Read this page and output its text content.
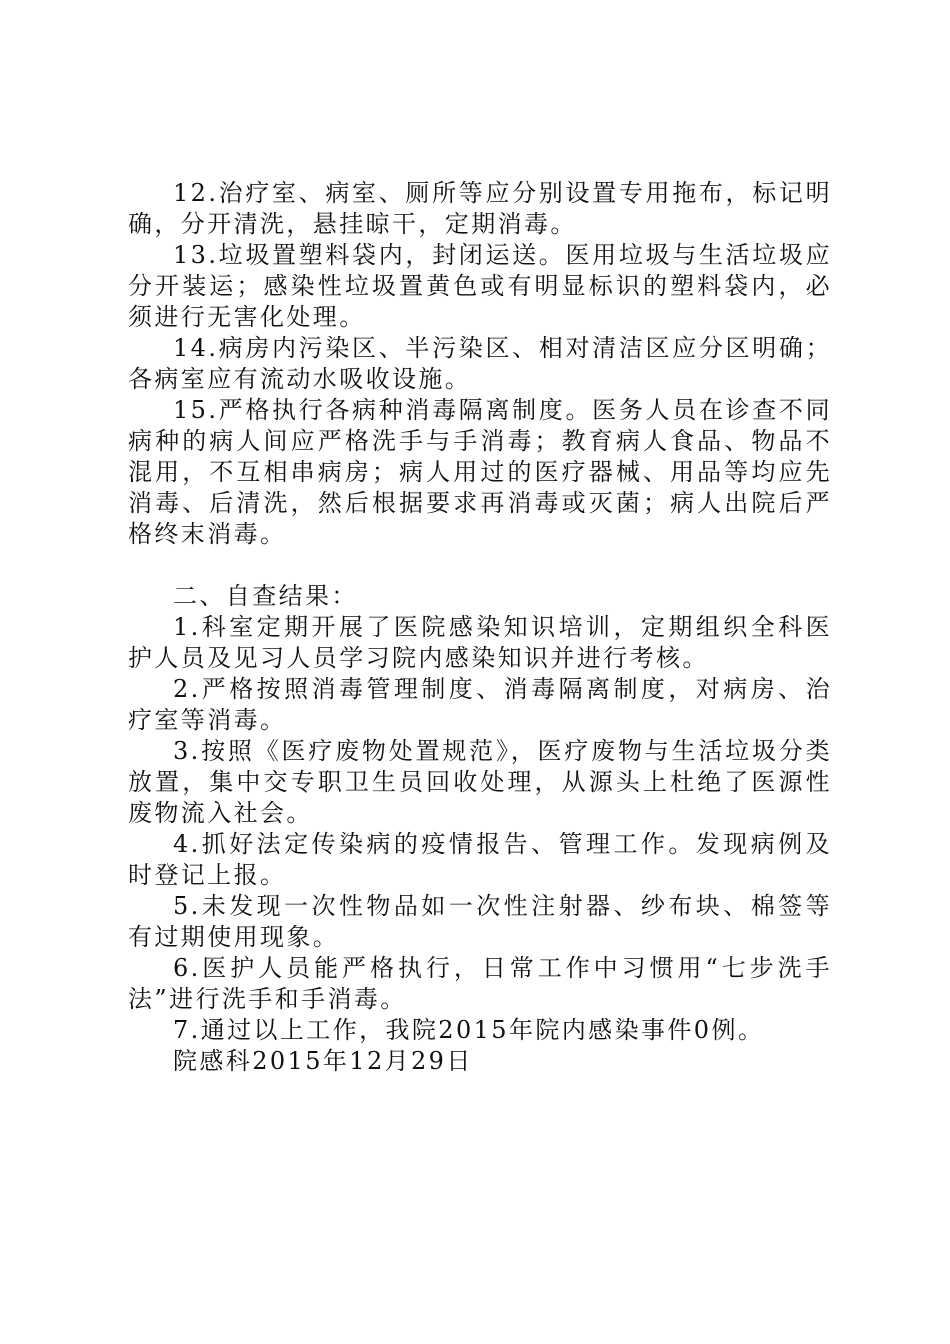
12.治疗室、病室、厕所等应分别设置专用拖布，标记明确，分开清洗，悬挂晾干，定期消毒。

13.垃圾置塑料袋内，封闭运送。医用垃圾与生活垃圾应分开装运；感染性垃圾置黄色或有明显标识的塑料袋内，必须进行无害化处理。

14.病房内污染区、半污染区、相对清洁区应分区明确；各病室应有流动水吸收设施。

15.严格执行各病种消毒隔离制度。医务人员在诊查不同病种的病人间应严格洗手与手消毒；教育病人食品、物品不混用，不互相串病房；病人用过的医疗器械、用品等均应先消毒、后清洗，然后根据要求再消毒或灭菌；病人出院后严格终末消毒。

二、自查结果：

1.科室定期开展了医院感染知识培训，定期组织全科医护人员及见习人员学习院内感染知识并进行考核。

2.严格按照消毒管理制度、消毒隔离制度，对病房、治疗室等消毒。

3.按照《医疗废物处置规范》，医疗废物与生活垃圾分类放置，集中交专职卫生员回收处理，从源头上杜绝了医源性废物流入社会。

4.抓好法定传染病的疫情报告、管理工作。发现病例及时登记上报。

5.未发现一次性物品如一次性注射器、纱布块、棉签等有过期使用现象。

6.医护人员能严格执行，日常工作中习惯用“七步洗手法”进行洗手和手消毒。

7.通过以上工作，我院2015年院内感染事件0例。

院感科2015年12月29日
